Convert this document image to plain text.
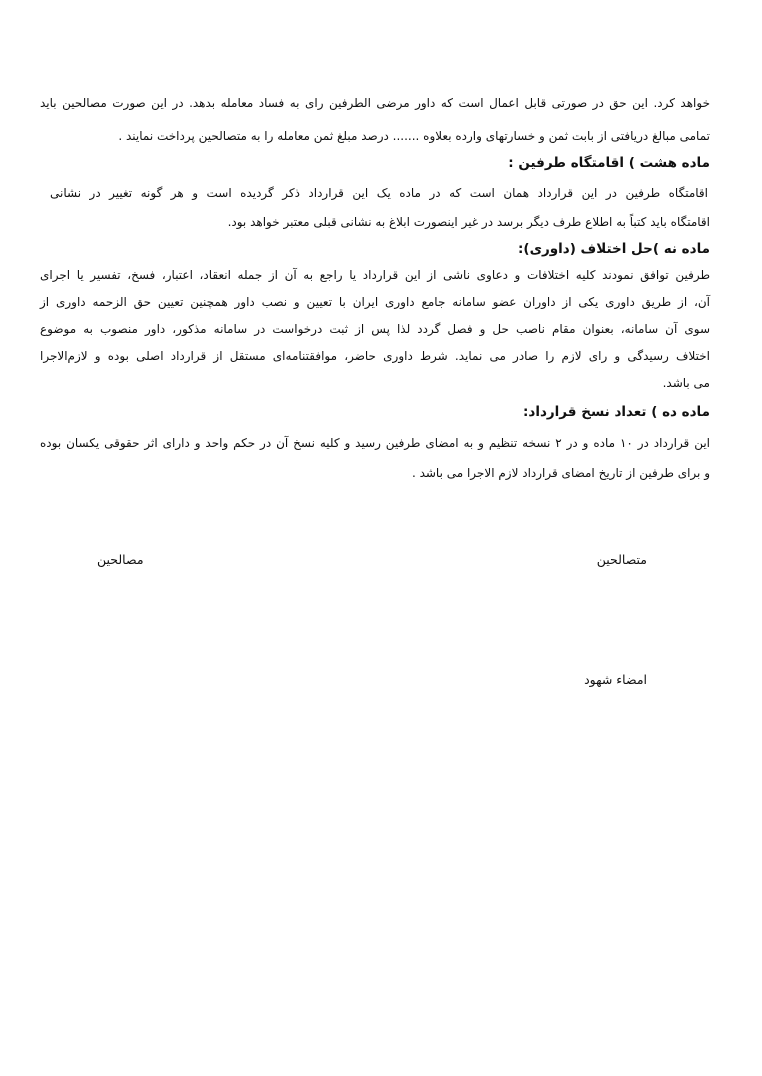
خواهد کرد. این حق در صورتی قابل اعمال است که داور مرضی الطرفین رای به فساد معامله بدهد. در این صورت مصالحین باید
تمامی مبالغ دریافتی از بابت ثمن و خسارتهای وارده بعلاوه ....... درصد مبلغ ثمن معامله را به متصالحین پرداخت نمایند .
ماده هشت ) اقامتگاه طرفین :
اقامتگاه طرفین در این قرارداد همان است که در ماده یک این قرارداد ذکر گردیده است و هر گونه تغییر در نشانی
اقامتگاه باید کتباً به اطلاع طرف دیگر برسد در غیر اینصورت ابلاغ به نشانی قبلی معتبر خواهد بود.
ماده نه )حل اختلاف (داوری):
طرفین توافق نمودند کلیه اختلافات و دعاوی ناشی از این قرارداد یا راجع به آن از جمله انعقاد، اعتبار، فسخ، تفسیر یا اجرای
آن، از طریق داوری یکی از داوران عضو سامانه جامع داوری ایران با تعیین و نصب داور همچنین تعیین حق الزحمه داوری از
سوی آن سامانه، بعنوان مقام ناصب حل و فصل گردد لذا پس از ثبت درخواست در سامانه مذکور، داور منصوب به موضوع
اختلاف رسیدگی و رای لازم را صادر می نماید. شرط داوری حاضر، موافقتنامه‌ای مستقل از قرارداد اصلی بوده و لازم‌الاجرا
می باشد.
ماده ده ) تعداد نسخ قرارداد:
این قرارداد در ۱۰ ماده و در ۲ نسخه تنظیم و به امضای طرفین رسید و کلیه نسخ آن در حکم واحد و دارای اثر حقوقی یکسان بوده
و برای طرفین از تاریخ امضای قرارداد لازم الاجرا می باشد .
متصالحین
مصالحین
امضاء شهود
